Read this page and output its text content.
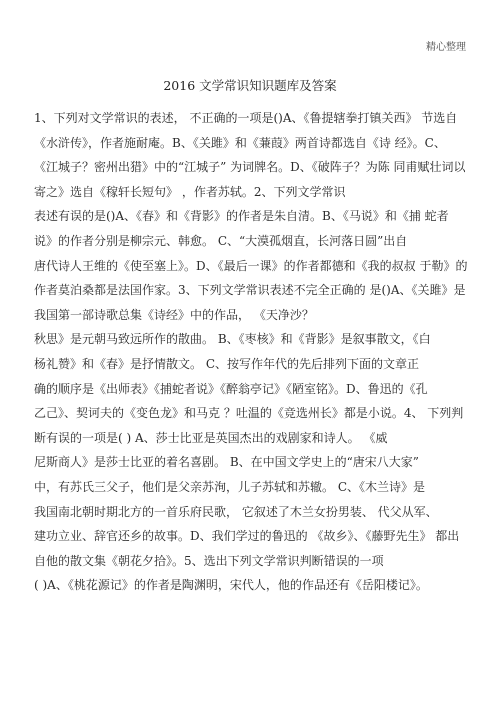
精心整理
2016 文学常识知识题库及答案
1、下列对文学常识的表述， 不正确的一项是()A、《鲁提辖拳打镇关西》 节选自
《水浒传》，作者施耐庵。B、《关雎》和《蒹葭》两首诗都选自《诗 经》。C、
《江城子？密州出猎》中的“江城子” 为词牌名。D、《破阵子？为陈 同甫赋壮词以
寄之》选自《稼轩长短句》 ，作者苏轼。2、下列文学常识
表述有误的是()A、《春》和《背影》的作者是朱自清。B、《马说》和《捕 蛇者
说》的作者分别是柳宗元、韩愈。 C、“大漠孤烟直，长河落日圆”出自
唐代诗人王维的《使至塞上》。D、《最后一课》的作者都德和《我的叔叔 于勒》的
作者莫泊桑都是法国作家。3、下列文学常识表述不完全正确的 是()A、《关雎》是
我国第一部诗歌总集《诗经》中的作品， 《天净沙？
秋思》是元朝马致远所作的散曲。 B、《枣核》和《背影》是叙事散文，《白
杨礼赞》和《春》是抒情散文。 C、按写作年代的先后排列下面的文章正
确的顺序是《出师表》《捕蛇者说》《醉翁亭记》《陋室铭》。D、鲁迅的《孔
乙己》、契诃夫的《变色龙》和马克 ？吐温的《竞选州长》都是小说。4、 下列判
断有误的一项是( ) A、莎士比亚是英国杰出的戏剧家和诗人。 《威
尼斯商人》是莎士比亚的着名喜剧。 B、在中国文学史上的“唐宋八大家”
中，有苏氏三父子，他们是父亲苏洵，儿子苏轼和苏辙。 C、《木兰诗》是
我国南北朝时期北方的一首乐府民歌， 它叙述了木兰女扮男装、 代父从军、
建功立业、辞官还乡的故事。D、我们学过的鲁迅的 《故乡》、《藤野先生》 都出
自他的散文集《朝花夕拾》。5、选出下列文学常识判断错误的一项
( )A、《桃花源记》的作者是陶渊明，宋代人，他的作品还有《岳阳楼记》。
